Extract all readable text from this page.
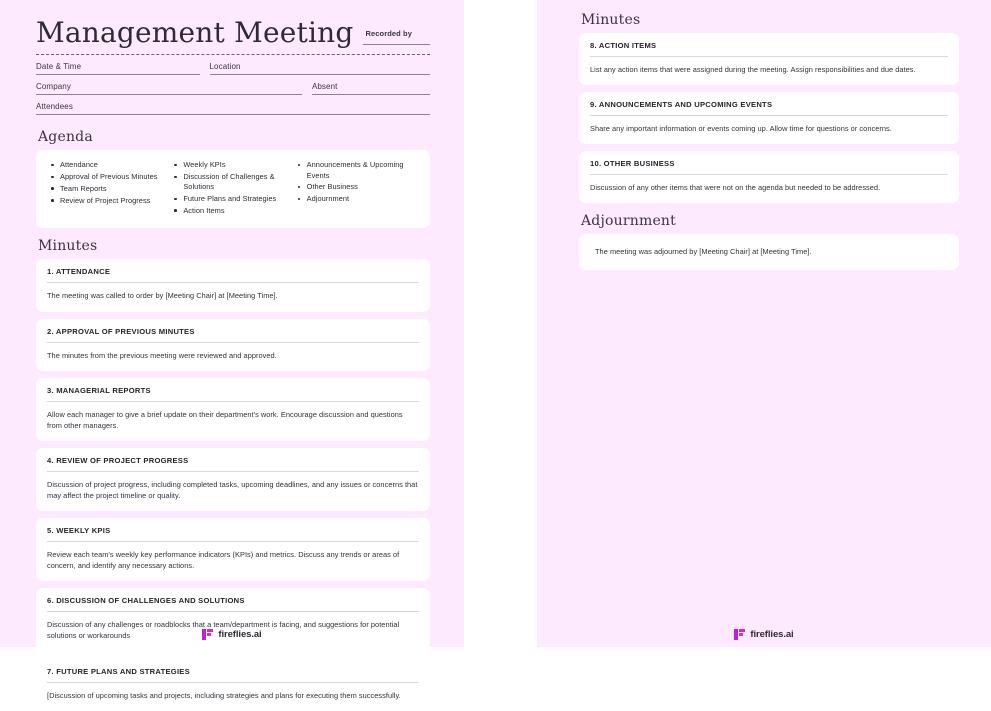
Management Meeting Recorded by
Date & Time	Location
Company	Absent
Attendees
Agenda
Attendance
Approval of Previous Minutes
Team Reports
Review of Project Progress
Weekly KPIs
Discussion of Challenges & Solutions
Future Plans and Strategies
Action Items
Announcements & Upcoming Events
Other Business
Adjournment
Minutes
1. ATTENDANCE
The meeting was called to order by [Meeting Chair] at [Meeting Time].
2. APPROVAL OF PREVIOUS MINUTES
The minutes from the previous meeting were reviewed and approved.
3. MANAGERIAL REPORTS
Allow each manager to give a brief update on their department's work. Encourage discussion and questions from other managers.
4. REVIEW OF PROJECT PROGRESS
Discussion of project progress, including completed tasks, upcoming deadlines, and any issues or concerns that may affect the project timeline or quality.
5. WEEKLY KPIS
Review each team's weekly key performance indicators (KPIs) and metrics. Discuss any trends or areas of concern, and identify any necessary actions.
6. DISCUSSION OF CHALLENGES AND SOLUTIONS
Discussion of any challenges or roadblocks that a team/department is facing, and suggestions for potential solutions or workarounds
7. FUTURE PLANS AND STRATEGIES
[Discussion of upcoming tasks and projects, including strategies and plans for executing them successfully.
fireflies.ai
Minutes
8. ACTION ITEMS
List any action items that were assigned during the meeting. Assign responsibilities and due dates.
9. ANNOUNCEMENTS AND UPCOMING EVENTS
Share any important information or events coming up. Allow time for questions or concerns.
10. OTHER BUSINESS
Discussion of any other items that were not on the agenda but needed to be addressed.
Adjournment
The meeting was adjourned by [Meeting Chair] at [Meeting Time].
fireflies.ai
